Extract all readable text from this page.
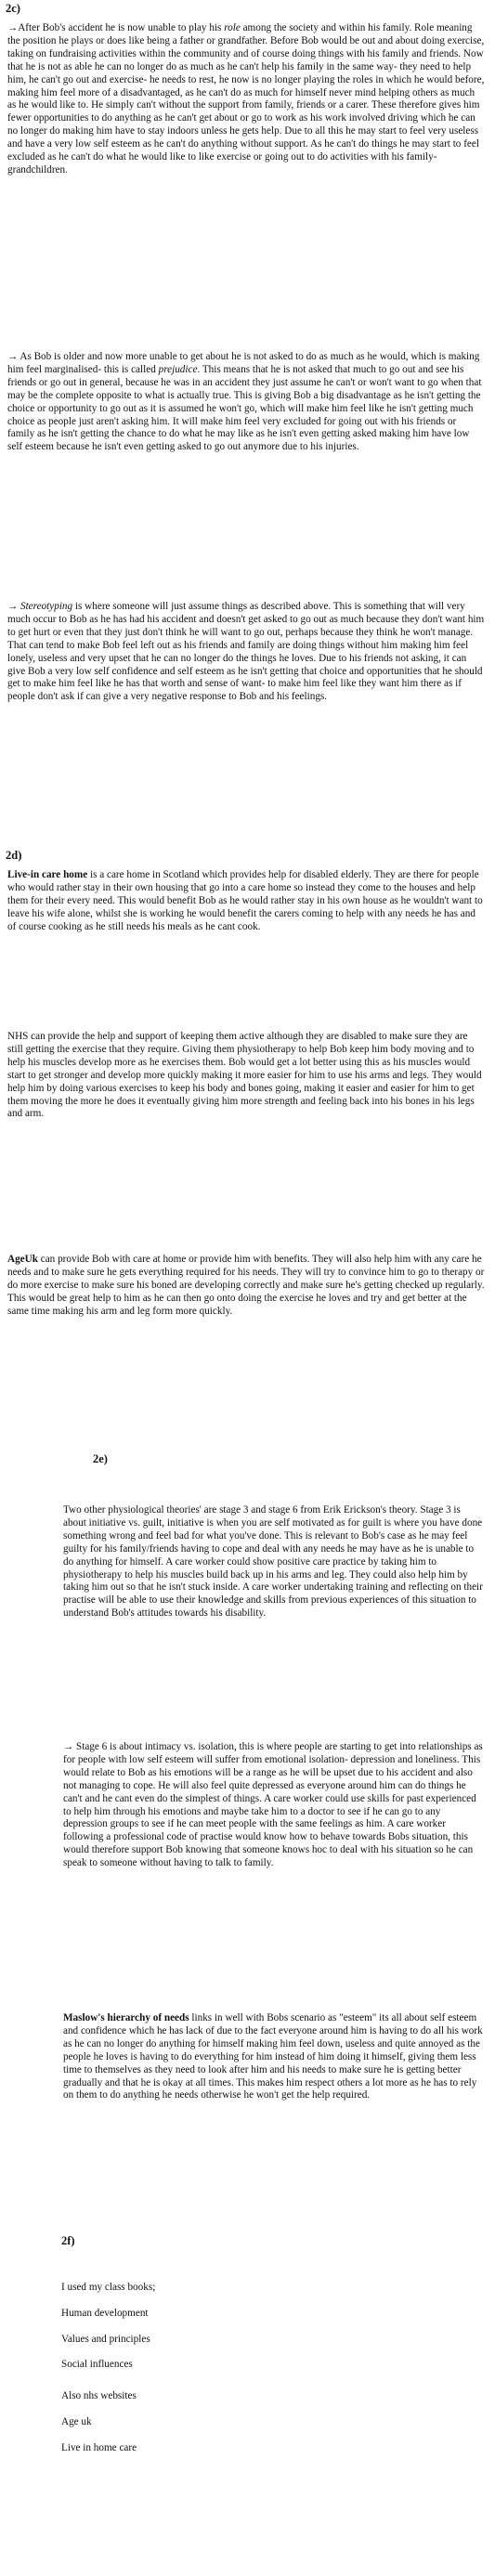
2c)
→After Bob's accident he is now unable to play his role among the society and within his family. Role meaning the position he plays or does like being a father or grandfather. Before Bob would be out and about doing exercise, taking on fundraising activities within the community and of course doing things with his family and friends. Now that he is not as able he can no longer do as much as he can't help his family in the same way- they need to help him, he can't go out and exercise- he needs to rest, he now is no longer playing the roles in which he would before, making him feel more of a disadvantaged, as he can't do as much for himself never mind helping others as much as he would like to. He simply can't without the support from family, friends or a carer. These therefore gives him fewer opportunities to do anything as he can't get about or go to work as his work involved driving which he can no longer do making him have to stay indoors unless he gets help. Due to all this he may start to feel very useless and have a very low self esteem as he can't do anything without support. As he can't do things he may start to feel excluded as he can't do what he would like to like exercise or going out to do activities with his family- grandchildren.
→ As Bob is older and now more unable to get about he is not asked to do as much as he would, which is making him feel marginalised- this is called prejudice. This means that he is not asked that much to go out and see his friends or go out in general, because he was in an accident they just assume he can't or won't want to go when that may be the complete opposite to what is actually true. This is giving Bob a big disadvantage as he isn't getting the choice or opportunity to go out as it is assumed he won't go, which will make him feel like he isn't getting much choice as people just aren't asking him. It will make him feel very excluded for going out with his friends or family as he isn't getting the chance to do what he may like as he isn't even getting asked making him have low self esteem because he isn't even getting asked to go out anymore due to his injuries.
→ Stereotyping is where someone will just assume things as described above. This is something that will very much occur to Bob as he has had his accident and doesn't get asked to go out as much because they don't want him to get hurt or even that they just don't think he will want to go out, perhaps because they think he won't manage. That can tend to make Bob feel left out as his friends and family are doing things without him making him feel lonely, useless and very upset that he can no longer do the things he loves. Due to his friends not asking, it can give Bob a very low self confidence and self esteem as he isn't getting that choice and opportunities that he should get to make him feel like he has that worth and sense of want- to make him feel like they want him there as if people don't ask if can give a very negative response to Bob and his feelings.
2d)
Live-in care home is a care home in Scotland which provides help for disabled elderly. They are there for people who would rather stay in their own housing that go into a care home so instead they come to the houses and help them for their every need. This would benefit Bob as he would rather stay in his own house as he wouldn't want to leave his wife alone, whilst she is working he would benefit the carers coming to help with any needs he has and of course cooking as he still needs his meals as he cant cook.
NHS can provide the help and support of keeping them active although they are disabled to make sure they are still getting the exercise that they require. Giving them physiotherapy to help Bob keep him body moving and to help his muscles develop more as he exercises them. Bob would get a lot better using this as his muscles would start to get stronger and develop more quickly making it more easier for him to use his arms and legs. They would help him by doing various exercises to keep his body and bones going, making it easier and easier for him to get them moving the more he does it eventually giving him more strength and feeling back into his bones in his legs and arm.
AgeUk can provide Bob with care at home or provide him with benefits. They will also help him with any care he needs and to make sure he gets everything required for his needs. They will try to convince him to go to therapy or do more exercise to make sure his boned are developing correctly and make sure he's getting checked up regularly. This would be great help to him as he can then go onto doing the exercise he loves and try and get better at the same time making his arm and leg form more quickly.
2e)
Two other physiological theories' are stage 3 and stage 6 from Erik Erickson's theory. Stage 3 is about initiative vs. guilt, initiative is when you are self motivated as for guilt is where you have done something wrong and feel bad for what you've done. This is relevant to Bob's case as he may feel guilty for his family/friends having to cope and deal with any needs he may have as he is unable to do anything for himself. A care worker could show positive care practice by taking him to physiotherapy to help his muscles build back up in his arms and leg. They could also help him by taking him out so that he isn't stuck inside. A care worker undertaking training and reflecting on their practise will be able to use their knowledge and skills from previous experiences of this situation to understand Bob's attitudes towards his disability.
→ Stage 6 is about intimacy vs. isolation, this is where people are starting to get into relationships as for people with low self esteem will suffer from emotional isolation- depression and loneliness. This would relate to Bob as his emotions will be a range as he will be upset due to his accident and also not managing to cope. He will also feel quite depressed as everyone around him can do things he can't and he cant even do the simplest of things. A care worker could use skills for past experienced to help him through his emotions and maybe take him to a doctor to see if he can go to any depression groups to see if he can meet people with the same feelings as him. A care worker following a professional code of practise would know how to behave towards Bobs situation, this would therefore support Bob knowing that someone knows hoc to deal with his situation so he can speak to someone without having to talk to family.
Maslow's hierarchy of needs links in well with Bobs scenario as "esteem" its all about self esteem and confidence which he has lack of due to the fact everyone around him is having to do all his work as he can no longer do anything for himself making him feel down, useless and quite annoyed as the people he loves is having to do everything for him instead of him doing it himself, giving them less time to themselves as they need to look after him and his needs to make sure he is getting better gradually and that he is okay at all times. This makes him respect others a lot more as he has to rely on them to do anything he needs otherwise he won't get the help required.
2f)

I used my class books;

Human development

Values and principles

Social influences

Also nhs websites

Age uk

Live in home care
